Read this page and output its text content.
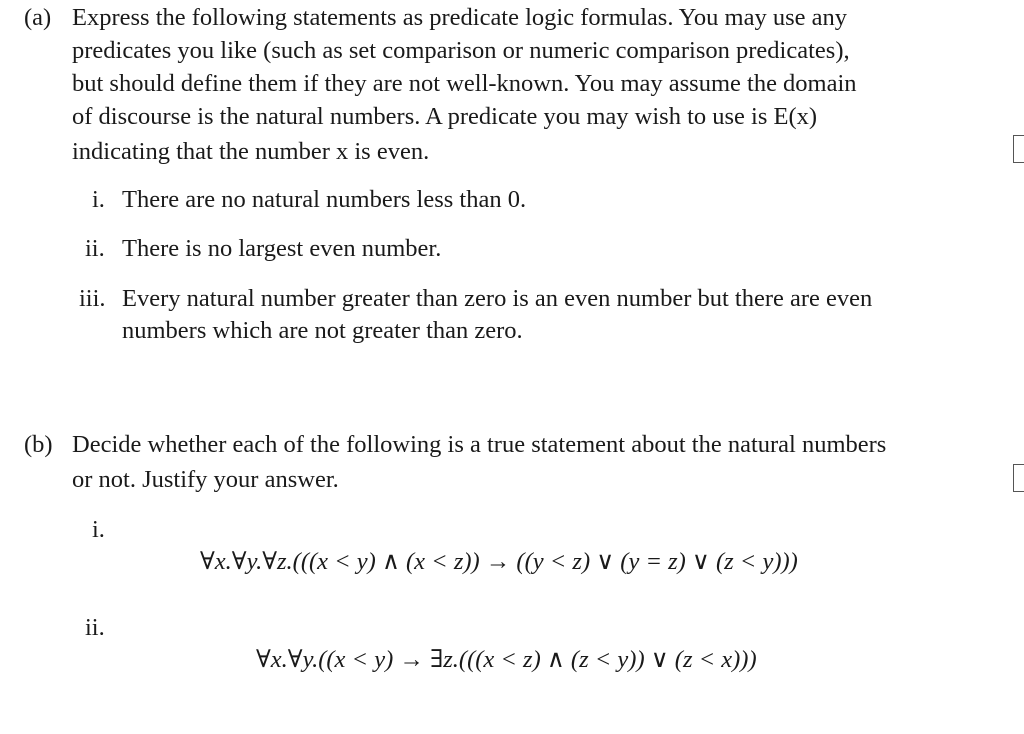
(a) Express the following statements as predicate logic formulas. You may use any
predicates you like (such as set comparison or numeric comparison predicates),
but should define them if they are not well-known. You may assume the domain
of discourse is the natural numbers. A predicate you may wish to use is E(x)
indicating that the number x is even.
i. There are no natural numbers less than 0.
ii. There is no largest even number.
iii. Every natural number greater than zero is an even number but there are even
numbers which are not greater than zero.
(b) Decide whether each of the following is a true statement about the natural numbers
or not. Justify your answer.
i.
∀x.∀y.∀z.(((x < y) ∧ (x < z)) → ((y < z) ∨ (y = z) ∨ (z < y)))
ii.
∀x.∀y.((x < y) → ∃z.(((x < z) ∧ (z < y)) ∨ (z < x)))
